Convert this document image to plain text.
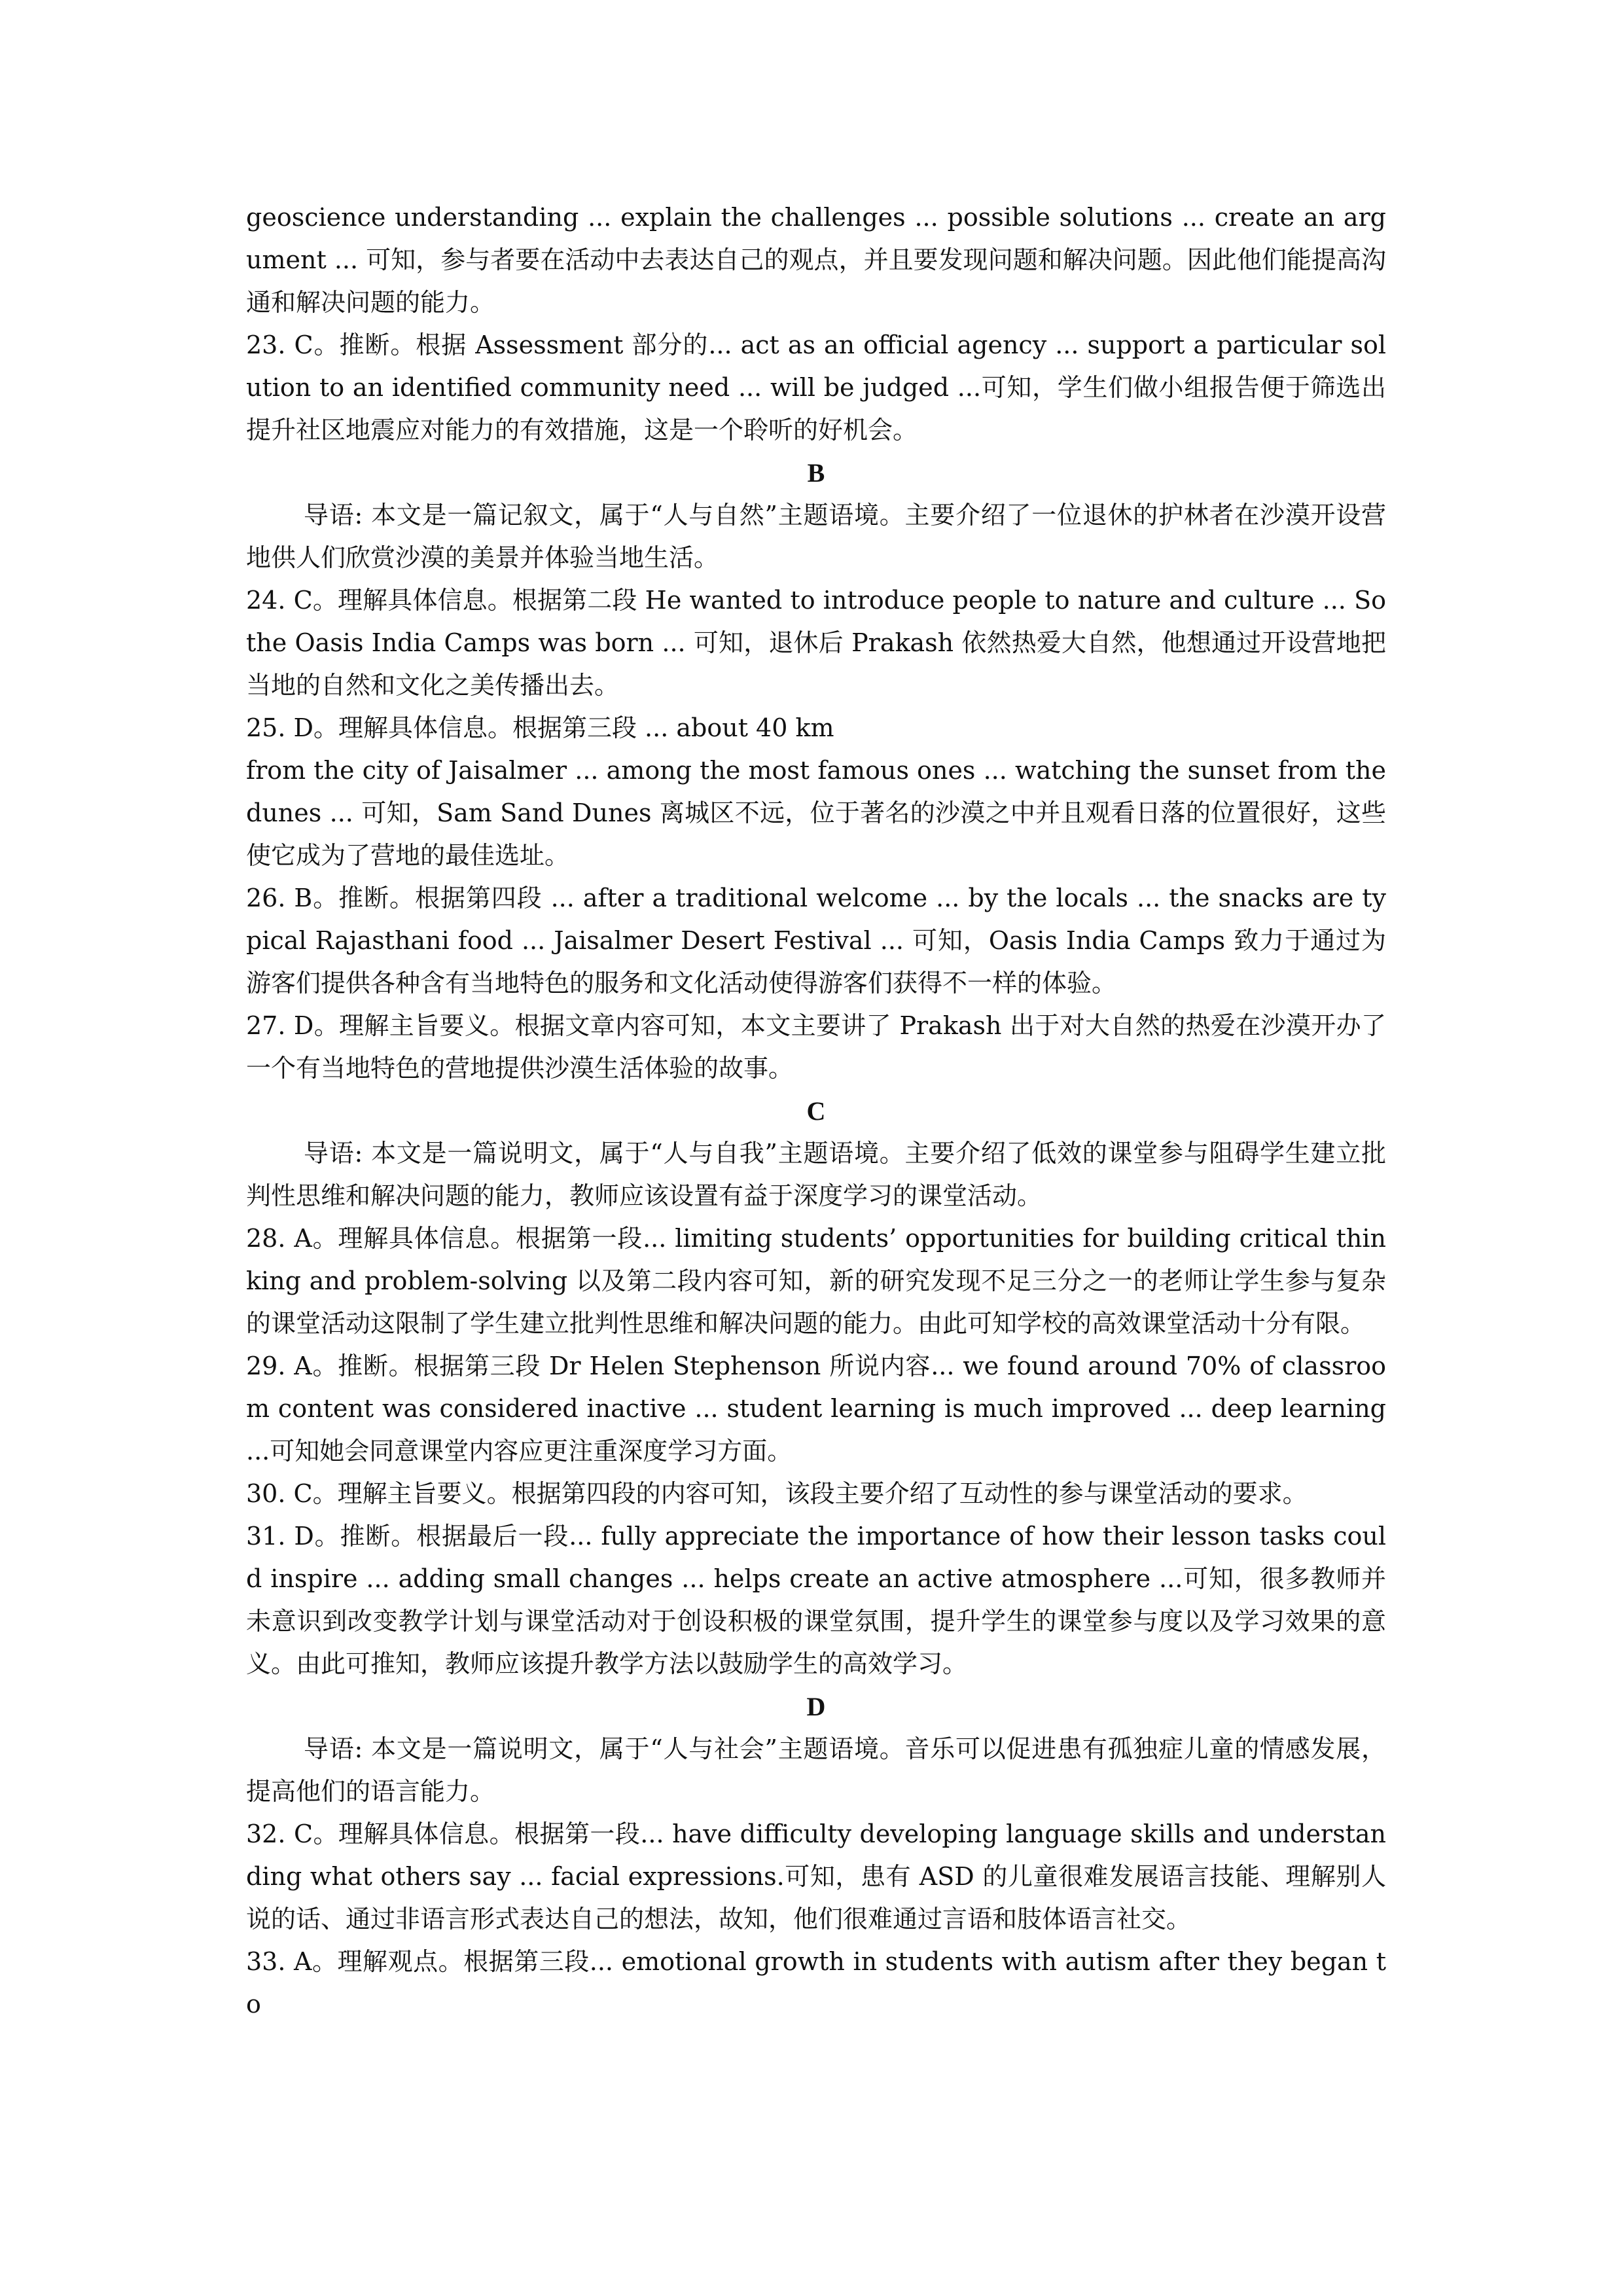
geoscience understanding ... explain the challenges ... possible solutions ... create an argument ... 可知，参与者要在活动中去表达自己的观点，并且要发现问题和解决问题。因此他们能提高沟通和解决问题的能力。

23. C。推断。根据 Assessment 部分的... act as an official agency ... support a particular solution to an identified community need ... will be judged ...可知，学生们做小组报告便于筛选出提升社区地震应对能力的有效措施，这是一个聆听的好机会。

B

导语: 本文是一篇记叙文，属于“人与自然”主题语境。主要介绍了一位退休的护林者在沙漠开设营地供人们欣赏沙漠的美景并体验当地生活。

24. C。理解具体信息。根据第二段 He wanted to introduce people to nature and culture ... So the Oasis India Camps was born ... 可知，退休后 Prakash 依然热爱大自然，他想通过开设营地把当地的自然和文化之美传播出去。

25. D。理解具体信息。根据第三段 ... about 40 km

from the city of Jaisalmer ... among the most famous ones ... watching the sunset from the dunes ... 可知，Sam Sand Dunes 离城区不远，位于著名的沙漠之中并且观看日落的位置很好，这些使它成为了营地的最佳选址。

26. B。推断。根据第四段 ... after a traditional welcome ... by the locals ... the snacks are typical Rajasthani food ... Jaisalmer Desert Festival ... 可知，Oasis India Camps 致力于通过为游客们提供各种含有当地特色的服务和文化活动使得游客们获得不一样的体验。

27. D。理解主旨要义。根据文章内容可知，本文主要讲了 Prakash 出于对大自然的热爱在沙漠开办了一个有当地特色的营地提供沙漠生活体验的故事。

C

导语: 本文是一篇说明文，属于“人与自我”主题语境。主要介绍了低效的课堂参与阻碍学生建立批判性思维和解决问题的能力，教师应该设置有益于深度学习的课堂活动。

28. A。理解具体信息。根据第一段... limiting students’ opportunities for building critical thinking and problem-solving 以及第二段内容可知，新的研究发现不足三分之一的老师让学生参与复杂的课堂活动这限制了学生建立批判性思维和解决问题的能力。由此可知学校的高效课堂活动十分有限。

29. A。推断。根据第三段 Dr Helen Stephenson 所说内容... we found around 70% of classroom content was considered inactive ... student learning is much improved ... deep learning ...可知她会同意课堂内容应更注重深度学习方面。

30. C。理解主旨要义。根据第四段的内容可知，该段主要介绍了互动性的参与课堂活动的要求。

31. D。推断。根据最后一段... fully appreciate the importance of how their lesson tasks could inspire ... adding small changes ... helps create an active atmosphere ...可知，很多教师并未意识到改变教学计划与课堂活动对于创设积极的课堂氛围，提升学生的课堂参与度以及学习效果的意义。由此可推知，教师应该提升教学方法以鼓励学生的高效学习。

D

导语: 本文是一篇说明文，属于“人与社会”主题语境。音乐可以促进患有孤独症儿童的情感发展，提高他们的语言能力。

32. C。理解具体信息。根据第一段... have difficulty developing language skills and understanding what others say ... facial expressions.可知，患有 ASD 的儿童很难发展语言技能、理解别人说的话、通过非语言形式表达自己的想法，故知，他们很难通过言语和肢体语言社交。

33. A。理解观点。根据第三段... emotional growth in students with autism after they began to
